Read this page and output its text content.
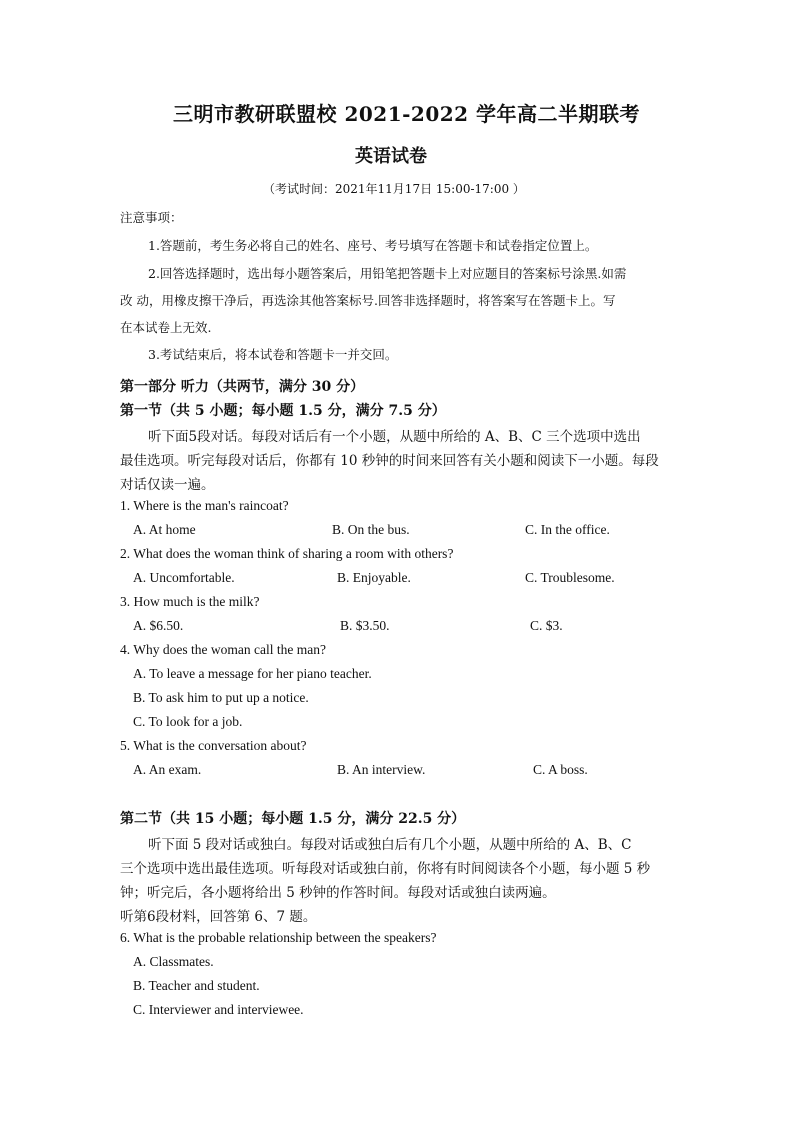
三明市教研联盟校 2021-2022 学年高二半期联考
英语试卷
（考试时间：2021年11月17日 15:00-17:00 ）
注意事项：
1.答题前，考生务必将自己的姓名、座号、考号填写在答题卡和试卷指定位置上。
2.回答选择题时，选出每小题答案后，用铅笔把答题卡上对应题目的答案标号涂黑.如需
改 动，用橡皮擦干净后，再选涂其他答案标号.回答非选择题时，将答案写在答题卡上。写
在本试卷上无效.
3.考试结束后，将本试卷和答题卡一并交回。
第一部分 听力（共两节，满分 30 分）
第一节（共 5 小题；每小题 1.5 分，满分 7.5 分）
听下面5段对话。每段对话后有一个小题，从题中所给的 A、B、C 三个选项中选出
最佳选项。听完每段对话后，你都有 10 秒钟的时间来回答有关小题和阅读下一小题。每段
对话仅读一遍。
1. Where is the man's raincoat?
A. At home	B. On the bus.	C. In the office.
2. What does the woman think of sharing a room with others?
A. Uncomfortable.	B. Enjoyable.	C. Troublesome.
3. How much is the milk?
A. $6.50.	B. $3.50.	C. $3.
4. Why does the woman call the man?
A. To leave a message for her piano teacher.
B. To ask him to put up a notice.
C. To look for a job.
5. What is the conversation about?
A. An exam.	B. An interview.	C. A boss.
第二节（共 15 小题；每小题 1.5 分，满分 22.5 分）
听下面 5 段对话或独白。每段对话或独白后有几个小题，从题中所给的 A、B、C
三个选项中选出最佳选项。听每段对话或独白前，你将有时间阅读各个小题，每小题 5 秒
钟；听完后，各小题将给出 5 秒钟的作答时间。每段对话或独白读两遍。
听第6段材料，回答第 6、7 题。
6. What is the probable relationship between the speakers?
A. Classmates.
B. Teacher and student.
C. Interviewer and interviewee.
